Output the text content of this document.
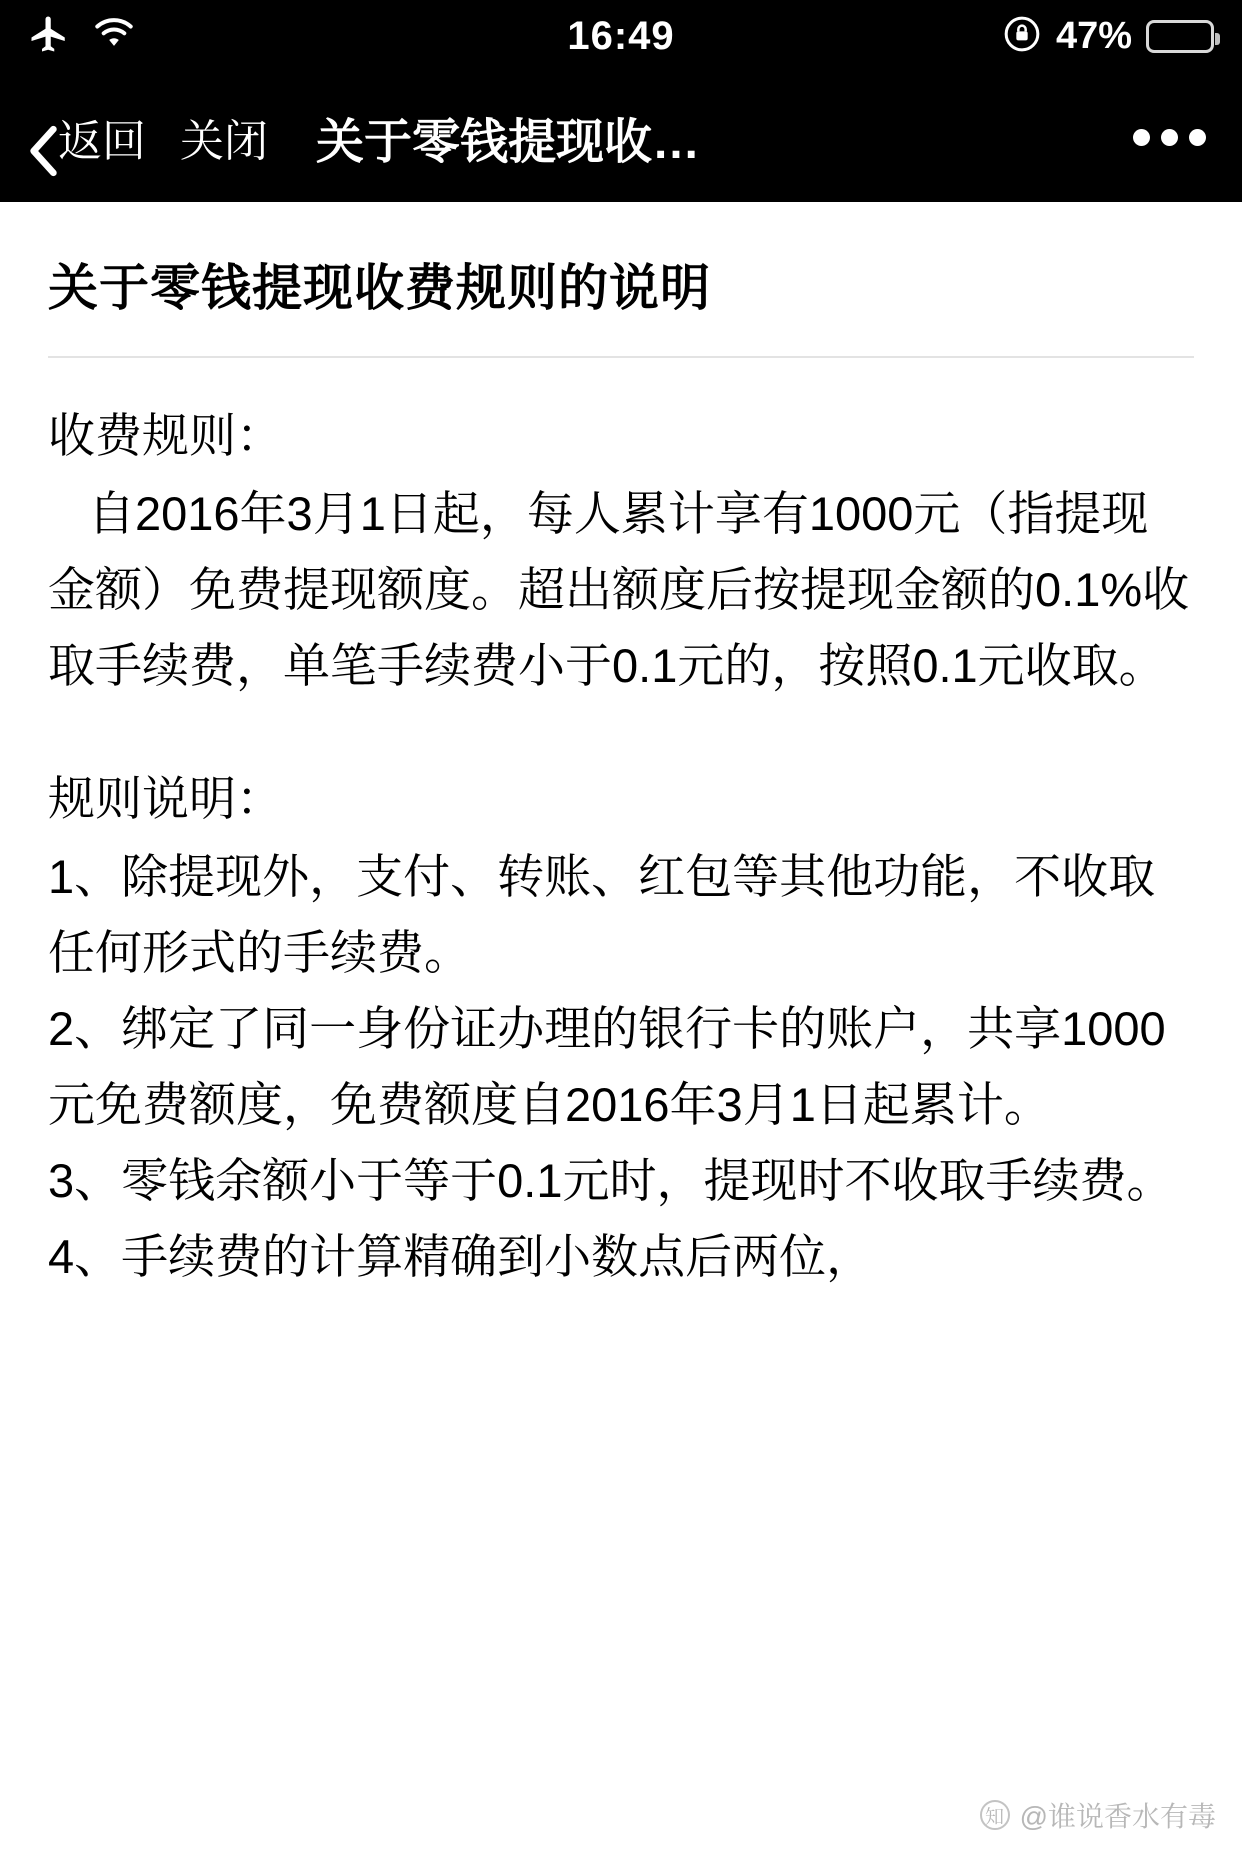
16:49	47%
返回 关闭 关于零钱提现收…
关于零钱提现收费规则的说明

收费规则：

自2016年3月1日起，每人累计享有1000元（指提现金额）免费提现额度。超出额度后按提现金额的0.1%收取手续费，单笔手续费小于0.1元的，按照0.1元收取。

规则说明：

1、除提现外，支付、转账、红包等其他功能，不收取任何形式的手续费。

2、绑定了同一身份证办理的银行卡的账户，共享1000元免费额度，免费额度自2016年3月1日起累计。

3、零钱余额小于等于0.1元时，提现时不收取手续费。

4、手续费的计算精确到小数点后两位，

知 @谁说香水有毒
